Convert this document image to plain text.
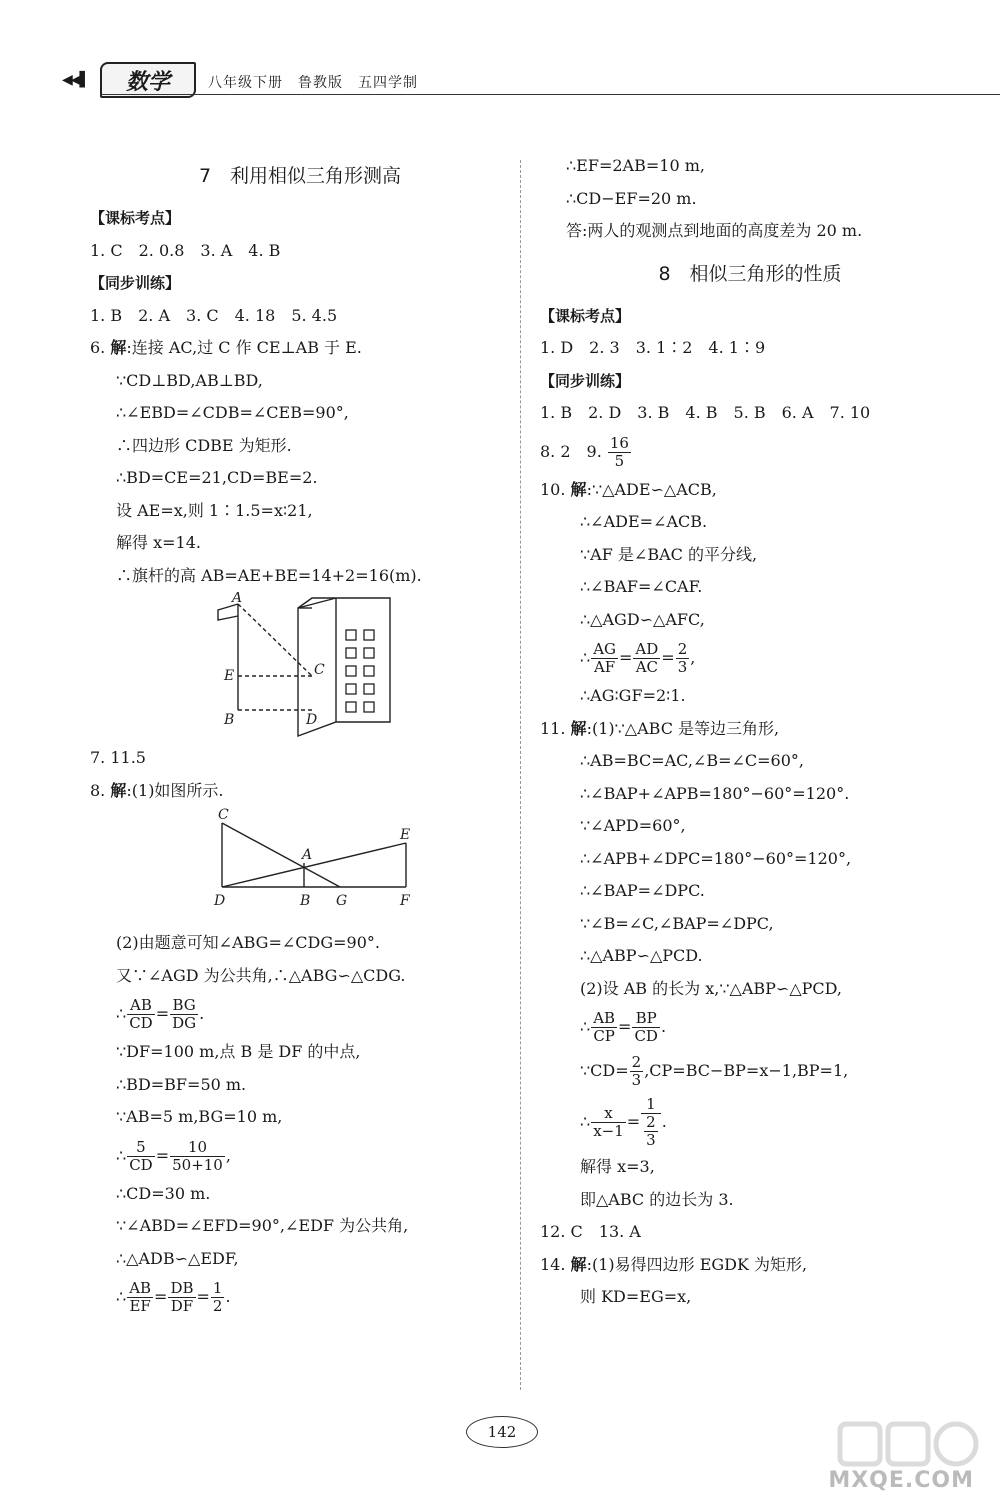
◀◀▌	数学	八年级下册　鲁教版　五四学制
7　利用相似三角形测高
【课标考点】
1. C　2. 0.8　3. A　4. B
【同步训练】
1. B　2. A　3. C　4. 18　5. 4.5
6. 解:连接 AC,过 C 作 CE⊥AB 于 E.
∵CD⊥BD,AB⊥BD,
∴∠EBD=∠CDB=∠CEB=90°,
∴四边形 CDBE 为矩形.
∴BD=CE=21,CD=BE=2.
设 AE=x,则 1∶1.5=x∶21,
解得 x=14.
∴旗杆的高 AB=AE+BE=14+2=16(m).
A
E
B
C
D
7. 11.5
8. 解:(1)如图所示.
C
E
A
D	B G	F
(2)由题意可知∠ABG=∠CDG=90°.
又∵∠AGD 为公共角,∴△ABG∽△CDG.
∴ $\frac{AB}{CD} = \frac{BG}{DG}$ .
∵DF=100 m,点 B 是 DF 的中点,
∴BD=BF=50 m.
∵AB=5 m,BG=10 m,
∴ $\frac{5}{CD} = \frac{10}{50+10}$ ,
∴CD=30 m.
∵∠ABD=∠EFD=90°,∠EDF 为公共角,
∴△ADB∽△EDF,
∴ $\frac{AB}{EF} = \frac{DB}{DF} = \frac{1}{2}$ .
∴EF=2AB=10 m,
∴CD−EF=20 m.
答:两人的观测点到地面的高度差为 20 m.
8　相似三角形的性质
【课标考点】
1. D　2. 3　3. 1∶2　4. 1∶9
【同步训练】
1. B　2. D　3. B　4. B　5. B　6. A　7. 10
8. 2　9. $\frac{16}{5}$
10. 解:∵△ADE∽△ACB,
∴∠ADE=∠ACB.
∵AF 是∠BAC 的平分线,
∴∠BAF=∠CAF.
∴△AGD∽△AFC,
∴ $\frac{AG}{AF} = \frac{AD}{AC} = \frac{2}{3}$ ,
∴AG∶GF=2∶1.
11. 解:(1)∵△ABC 是等边三角形,
∴AB=BC=AC,∠B=∠C=60°,
∴∠BAP+∠APB=180°−60°=120°.
∵∠APD=60°,
∴∠APB+∠DPC=180°−60°=120°,
∴∠BAP=∠DPC.
∵∠B=∠C,∠BAP=∠DPC,
∴△ABP∽△PCD.
(2)设 AB 的长为 x,∵△ABP∽△PCD,
∴ $\frac{AB}{CP} = \frac{BP}{CD}$ .
∵CD= $\frac{2}{3} ,CP=BC-BP=x-1,BP=1$,
∴ $\frac{x}{x-1} = \frac{1}{\frac{2}{3}}$ .
解得 x=3,
即△ABC 的边长为 3.
12. C　13. A
14. 解:(1)易得四边形 EGDK 为矩形,
则 KD=EG=x,
142
MXQE.COM
